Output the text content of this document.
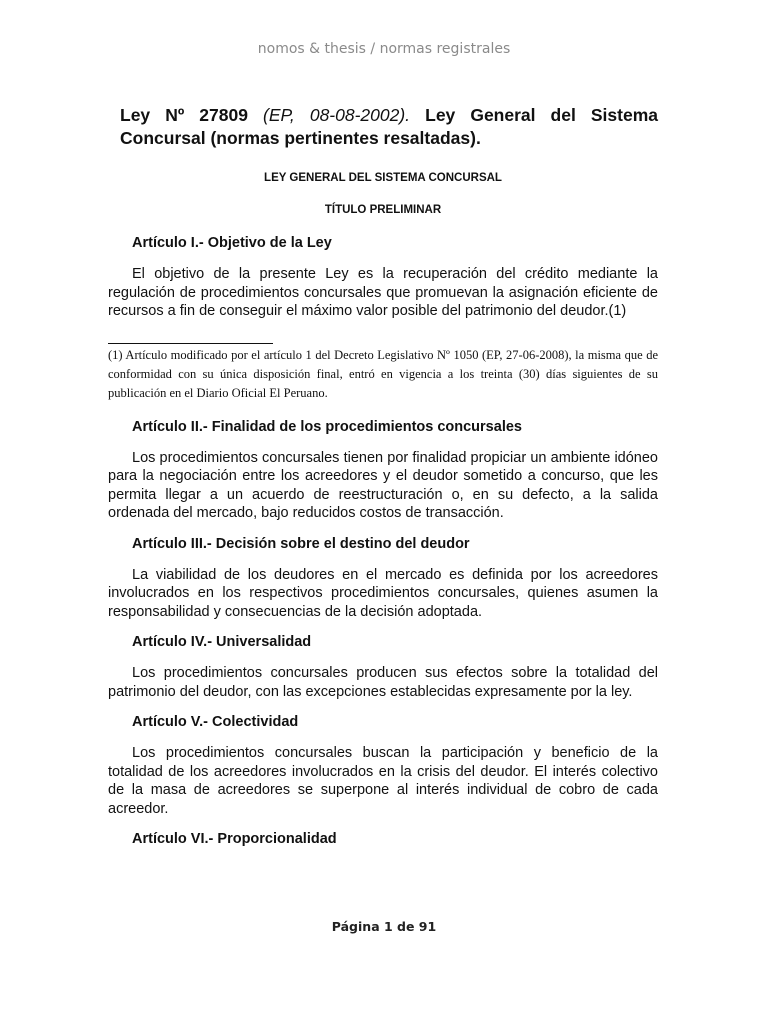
nomos & thesis / normas registrales

Ley Nº 27809 (EP, 08-08-2002). Ley General del Sistema Concursal (normas pertinentes resaltadas).

LEY GENERAL DEL SISTEMA CONCURSAL

TÍTULO PRELIMINAR

Artículo I.- Objetivo de la Ley

El objetivo de la presente Ley es la recuperación del crédito mediante la regulación de procedimientos concursales que promuevan la asignación eficiente de recursos a fin de conseguir el máximo valor posible del patrimonio del deudor.(1)

(1) Artículo modificado por el artículo 1 del Decreto Legislativo Nº 1050 (EP, 27-06-2008), la misma que de conformidad con su única disposición final, entró en vigencia a los treinta (30) días siguientes de su publicación en el Diario Oficial El Peruano.

Artículo II.- Finalidad de los procedimientos concursales

Los procedimientos concursales tienen por finalidad propiciar un ambiente idóneo para la negociación entre los acreedores y el deudor sometido a concurso, que les permita llegar a un acuerdo de reestructuración o, en su defecto, a la salida ordenada del mercado, bajo reducidos costos de transacción.

Artículo III.- Decisión sobre el destino del deudor

La viabilidad de los deudores en el mercado es definida por los acreedores involucrados en los respectivos procedimientos concursales, quienes asumen la responsabilidad y consecuencias de la decisión adoptada.

Artículo IV.- Universalidad

Los procedimientos concursales producen sus efectos sobre la totalidad del patrimonio del deudor, con las excepciones establecidas expresamente por la ley.

Artículo V.- Colectividad

Los procedimientos concursales buscan la participación y beneficio de la totalidad de los acreedores involucrados en la crisis del deudor. El interés colectivo de la masa de acreedores se superpone al interés individual de cobro de cada acreedor.

Artículo VI.- Proporcionalidad

Página 1 de 91
